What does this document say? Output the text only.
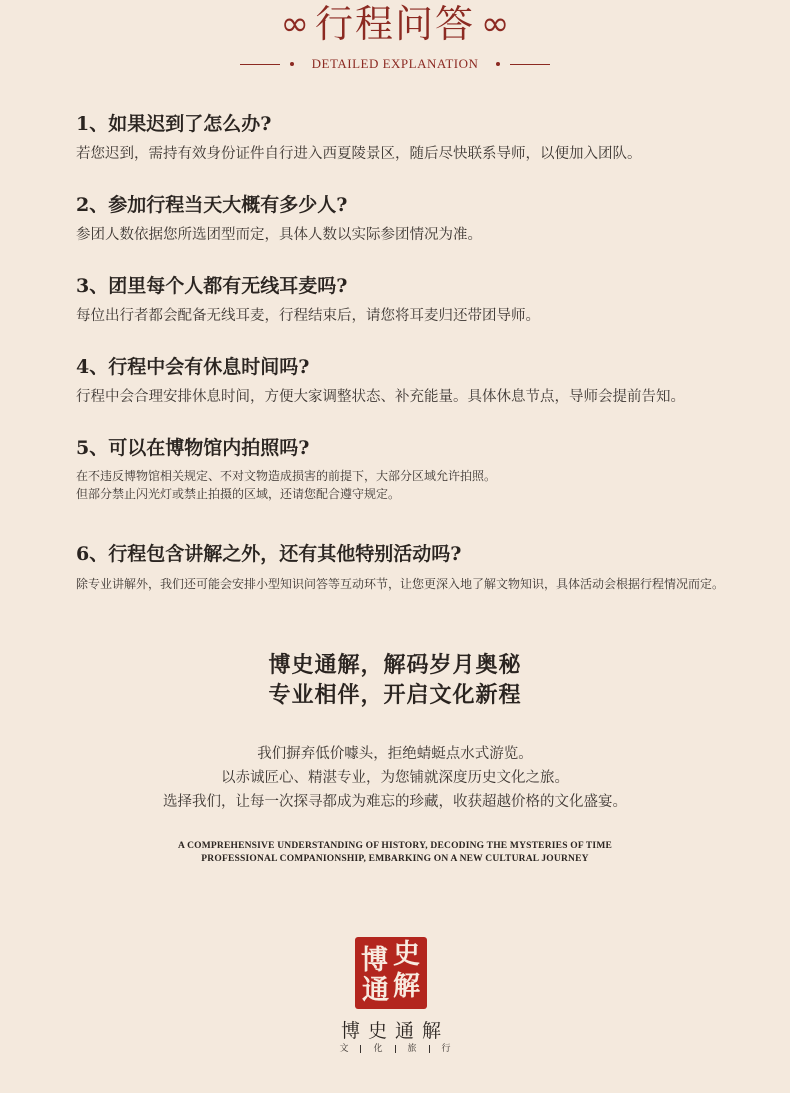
∞ 行程问答 ∞
DETAILED EXPLANATION
1、如果迟到了怎么办?
若您迟到，需持有效身份证件自行进入西夏陵景区，随后尽快联系导师，以便加入团队。
2、参加行程当天大概有多少人?
参团人数依据您所选团型而定，具体人数以实际参团情况为准。
3、团里每个人都有无线耳麦吗?
每位出行者都会配备无线耳麦，行程结束后，请您将耳麦归还带团导师。
4、行程中会有休息时间吗?
行程中会合理安排休息时间，方便大家调整状态、补充能量。具体休息节点，导师会提前告知。
5、可以在博物馆内拍照吗?
在不违反博物馆相关规定、不对文物造成损害的前提下，大部分区域允许拍照。
但部分禁止闪光灯或禁止拍摄的区域，还请您配合遵守规定。
6、行程包含讲解之外，还有其他特别活动吗?
除专业讲解外，我们还可能会安排小型知识问答等互动环节，让您更深入地了解文物知识，具体活动会根据行程情况而定。
博史通解，解码岁月奥秘
专业相伴，开启文化新程
我们摒弃低价噱头，拒绝蜻蜓点水式游览。
以赤诚匠心、精湛专业，为您铺就深度历史文化之旅。
选择我们，让每一次探寻都成为难忘的珍藏，收获超越价格的文化盛宴。
A COMPREHENSIVE UNDERSTANDING OF HISTORY, DECODING THE MYSTERIES OF TIME
PROFESSIONAL COMPANIONSHIP, EMBARKING ON A NEW CULTURAL JOURNEY
博 史
通 解
博史通解
文	化	旅	行
